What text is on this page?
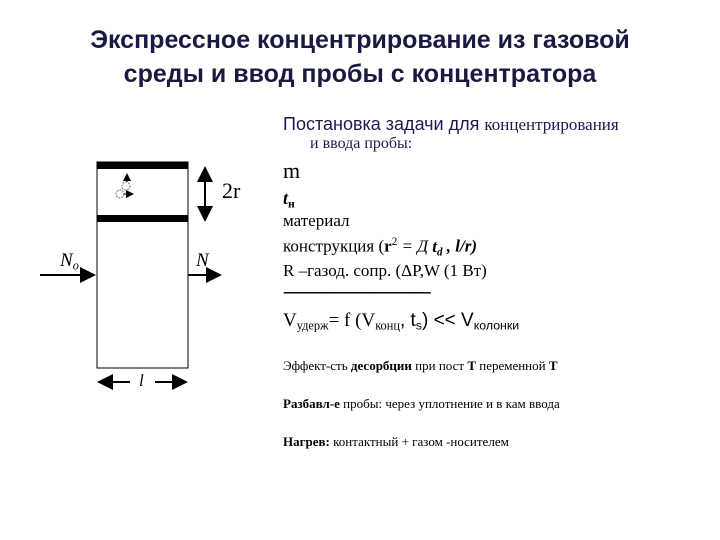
Экспрессное концентрирование из газовой
среды и ввод пробы с концентратора
2r
$N_o$	N
l
Постановка задачи для концентрирования
и ввода пробы:
m
$t_н$
материал
конструкция ($r^2 = Д$ $t_d$ , l/r)
R –газод. сопр. (ΔP,W (1 Вт)
----------------------------------------
$V_{удерж}= f$ ($V_{конц}$, $t_s) << V_{колонки}$
Эффект-сть десорбции при пост Т переменной Т
Разбавл-е пробы: через уплотнение и в кам ввода
Нагрев: контактный + газом -носителем
